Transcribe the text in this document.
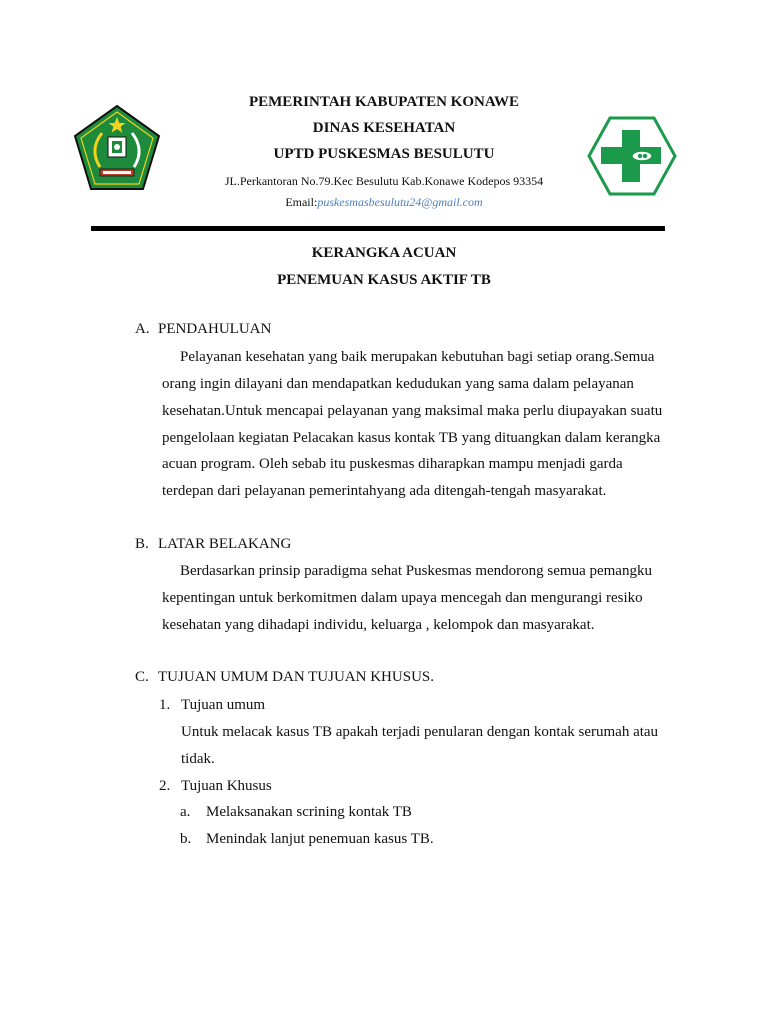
PEMERINTAH KABUPATEN KONAWE
DINAS KESEHATAN
UPTD PUSKESMAS BESULUTU
JL.Perkantoran No.79.Kec Besulutu Kab.Konawe Kodepos 93354
Email:puskesmasbesulutu24@gmail.com
KERANGKA ACUAN
PENEMUAN KASUS AKTIF TB
A. PENDAHULUAN
Pelayanan kesehatan yang baik merupakan kebutuhan bagi setiap orang.Semua
orang ingin dilayani dan mendapatkan kedudukan yang sama dalam pelayanan
kesehatan.Untuk mencapai pelayanan yang maksimal maka perlu diupayakan suatu
pengelolaan kegiatan Pelacakan kasus kontak TB yang dituangkan dalam kerangka
acuan program. Oleh sebab itu puskesmas diharapkan mampu menjadi garda
terdepan dari pelayanan pemerintahyang ada ditengah-tengah masyarakat.
B. LATAR BELAKANG
Berdasarkan prinsip paradigma sehat Puskesmas mendorong semua pemangku
kepentingan untuk berkomitmen dalam upaya mencegah dan mengurangi resiko
kesehatan yang dihadapi individu, keluarga , kelompok dan masyarakat.
C. TUJUAN UMUM DAN TUJUAN KHUSUS.
1. Tujuan umum
Untuk melacak kasus TB apakah terjadi penularan dengan kontak serumah atau
tidak.
2. Tujuan Khusus
a. Melaksanakan scrining kontak TB
b. Menindak lanjut penemuan kasus TB.
